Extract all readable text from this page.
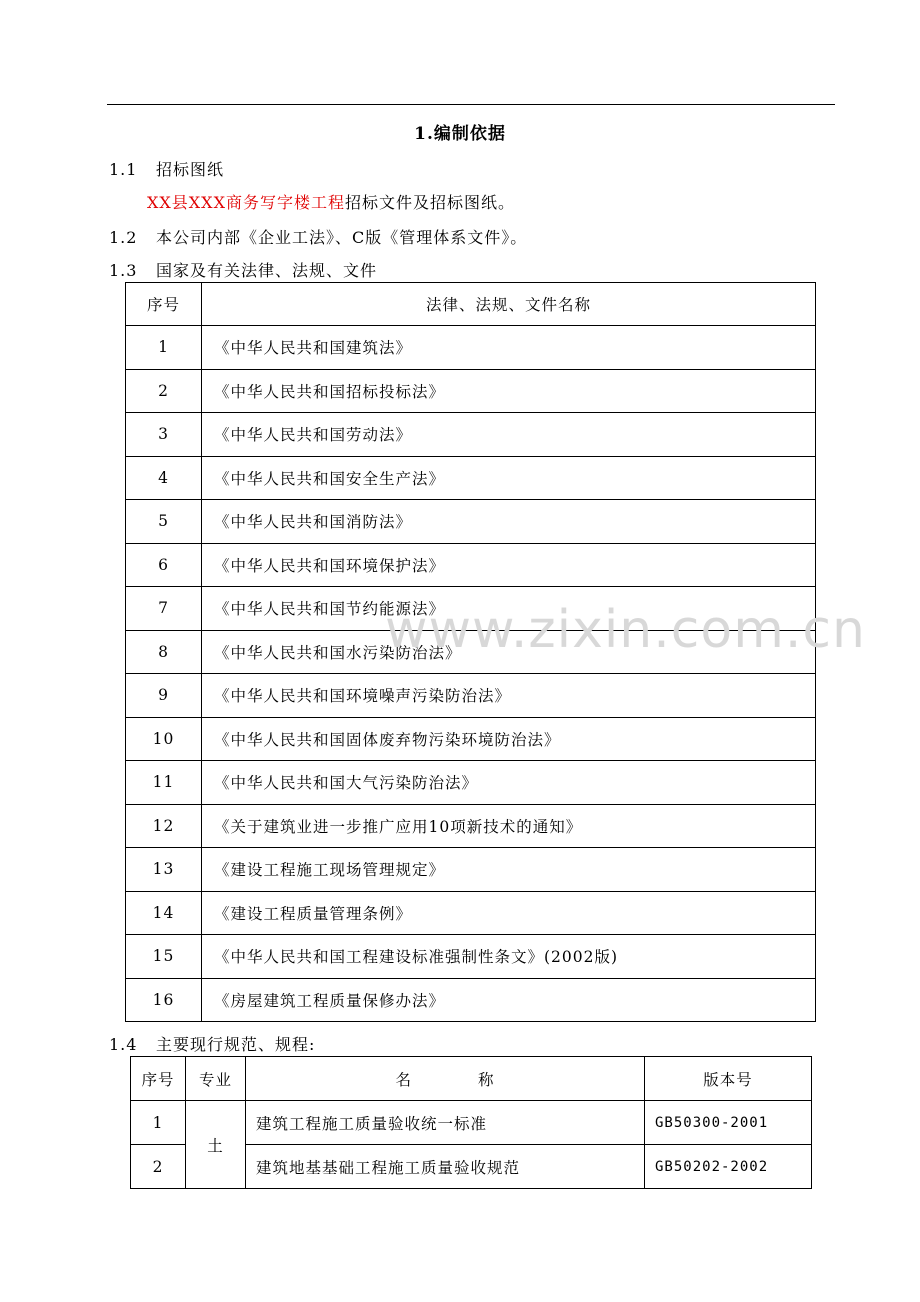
1.编制依据
1.1 招标图纸
XX县XXX商务写字楼工程招标文件及招标图纸。
1.2 本公司内部《企业工法》、C版《管理体系文件》。
1.3 国家及有关法律、法规、文件
序号	法律、法规、文件名称
1	《中华人民共和国建筑法》
2	《中华人民共和国招标投标法》
3	《中华人民共和国劳动法》
4	《中华人民共和国安全生产法》
5	《中华人民共和国消防法》
6	《中华人民共和国环境保护法》
7	《中华人民共和国节约能源法》
8	《中华人民共和国水污染防治法》
9	《中华人民共和国环境噪声污染防治法》
10	《中华人民共和国固体废弃物污染环境防治法》
11	《中华人民共和国大气污染防治法》
12	《关于建筑业进一步推广应用10项新技术的通知》
13	《建设工程施工现场管理规定》
14	《建设工程质量管理条例》
15	《中华人民共和国工程建设标准强制性条文》(2002版)
16	《房屋建筑工程质量保修办法》
1.4 主要现行规范、规程:
序号	专业	名　　　　称	版本号
1	土	建筑工程施工质量验收统一标准	GB50300-2001
2		建筑地基基础工程施工质量验收规范	GB50202-2002
www.zixin.com.cn
